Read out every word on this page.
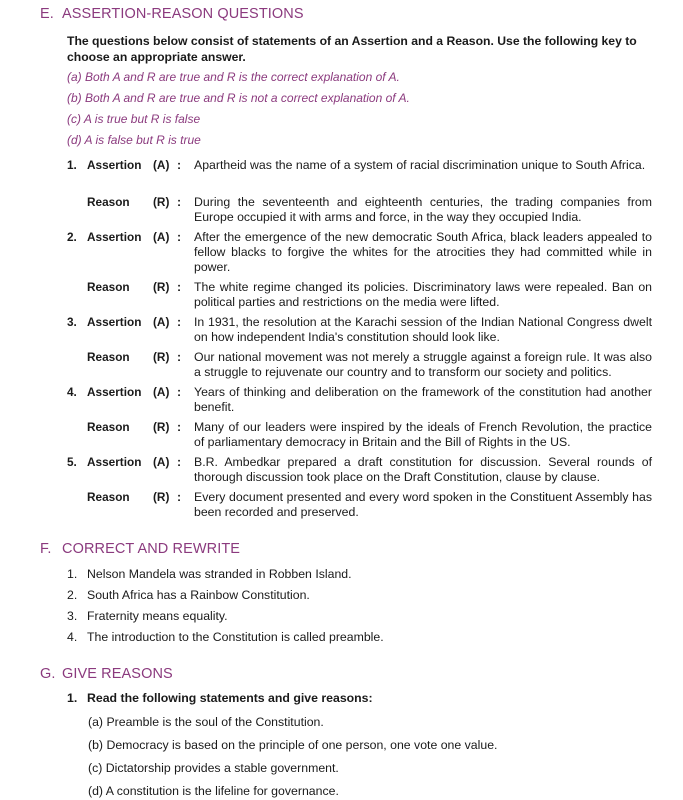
E. ASSERTION-REASON QUESTIONS
The questions below consist of statements of an Assertion and a Reason. Use the following key to choose an appropriate answer.
(a) Both A and R are true and R is the correct explanation of A.
(b) Both A and R are true and R is not a correct explanation of A.
(c) A is true but R is false
(d) A is false but R is true
1. Assertion (A) : Apartheid was the name of a system of racial discrimination unique to South Africa.
Reason (R) : During the seventeenth and eighteenth centuries, the trading companies from Europe occupied it with arms and force, in the way they occupied India.
2. Assertion (A) : After the emergence of the new democratic South Africa, black leaders appealed to fellow blacks to forgive the whites for the atrocities they had committed while in power.
Reason (R) : The white regime changed its policies. Discriminatory laws were repealed. Ban on political parties and restrictions on the media were lifted.
3. Assertion (A) : In 1931, the resolution at the Karachi session of the Indian National Congress dwelt on how independent India's constitution should look like.
Reason (R) : Our national movement was not merely a struggle against a foreign rule. It was also a struggle to rejuvenate our country and to transform our society and politics.
4. Assertion (A) : Years of thinking and deliberation on the framework of the constitution had another benefit.
Reason (R) : Many of our leaders were inspired by the ideals of French Revolution, the practice of parliamentary democracy in Britain and the Bill of Rights in the US.
5. Assertion (A) : B.R. Ambedkar prepared a draft constitution for discussion. Several rounds of thorough discussion took place on the Draft Constitution, clause by clause.
Reason (R) : Every document presented and every word spoken in the Constituent Assembly has been recorded and preserved.
F. CORRECT AND REWRITE
1. Nelson Mandela was stranded in Robben Island.
2. South Africa has a Rainbow Constitution.
3. Fraternity means equality.
4. The introduction to the Constitution is called preamble.
G. GIVE REASONS
1. Read the following statements and give reasons:
(a) Preamble is the soul of the Constitution.
(b) Democracy is based on the principle of one person, one vote one value.
(c) Dictatorship provides a stable government.
(d) A constitution is the lifeline for governance.
